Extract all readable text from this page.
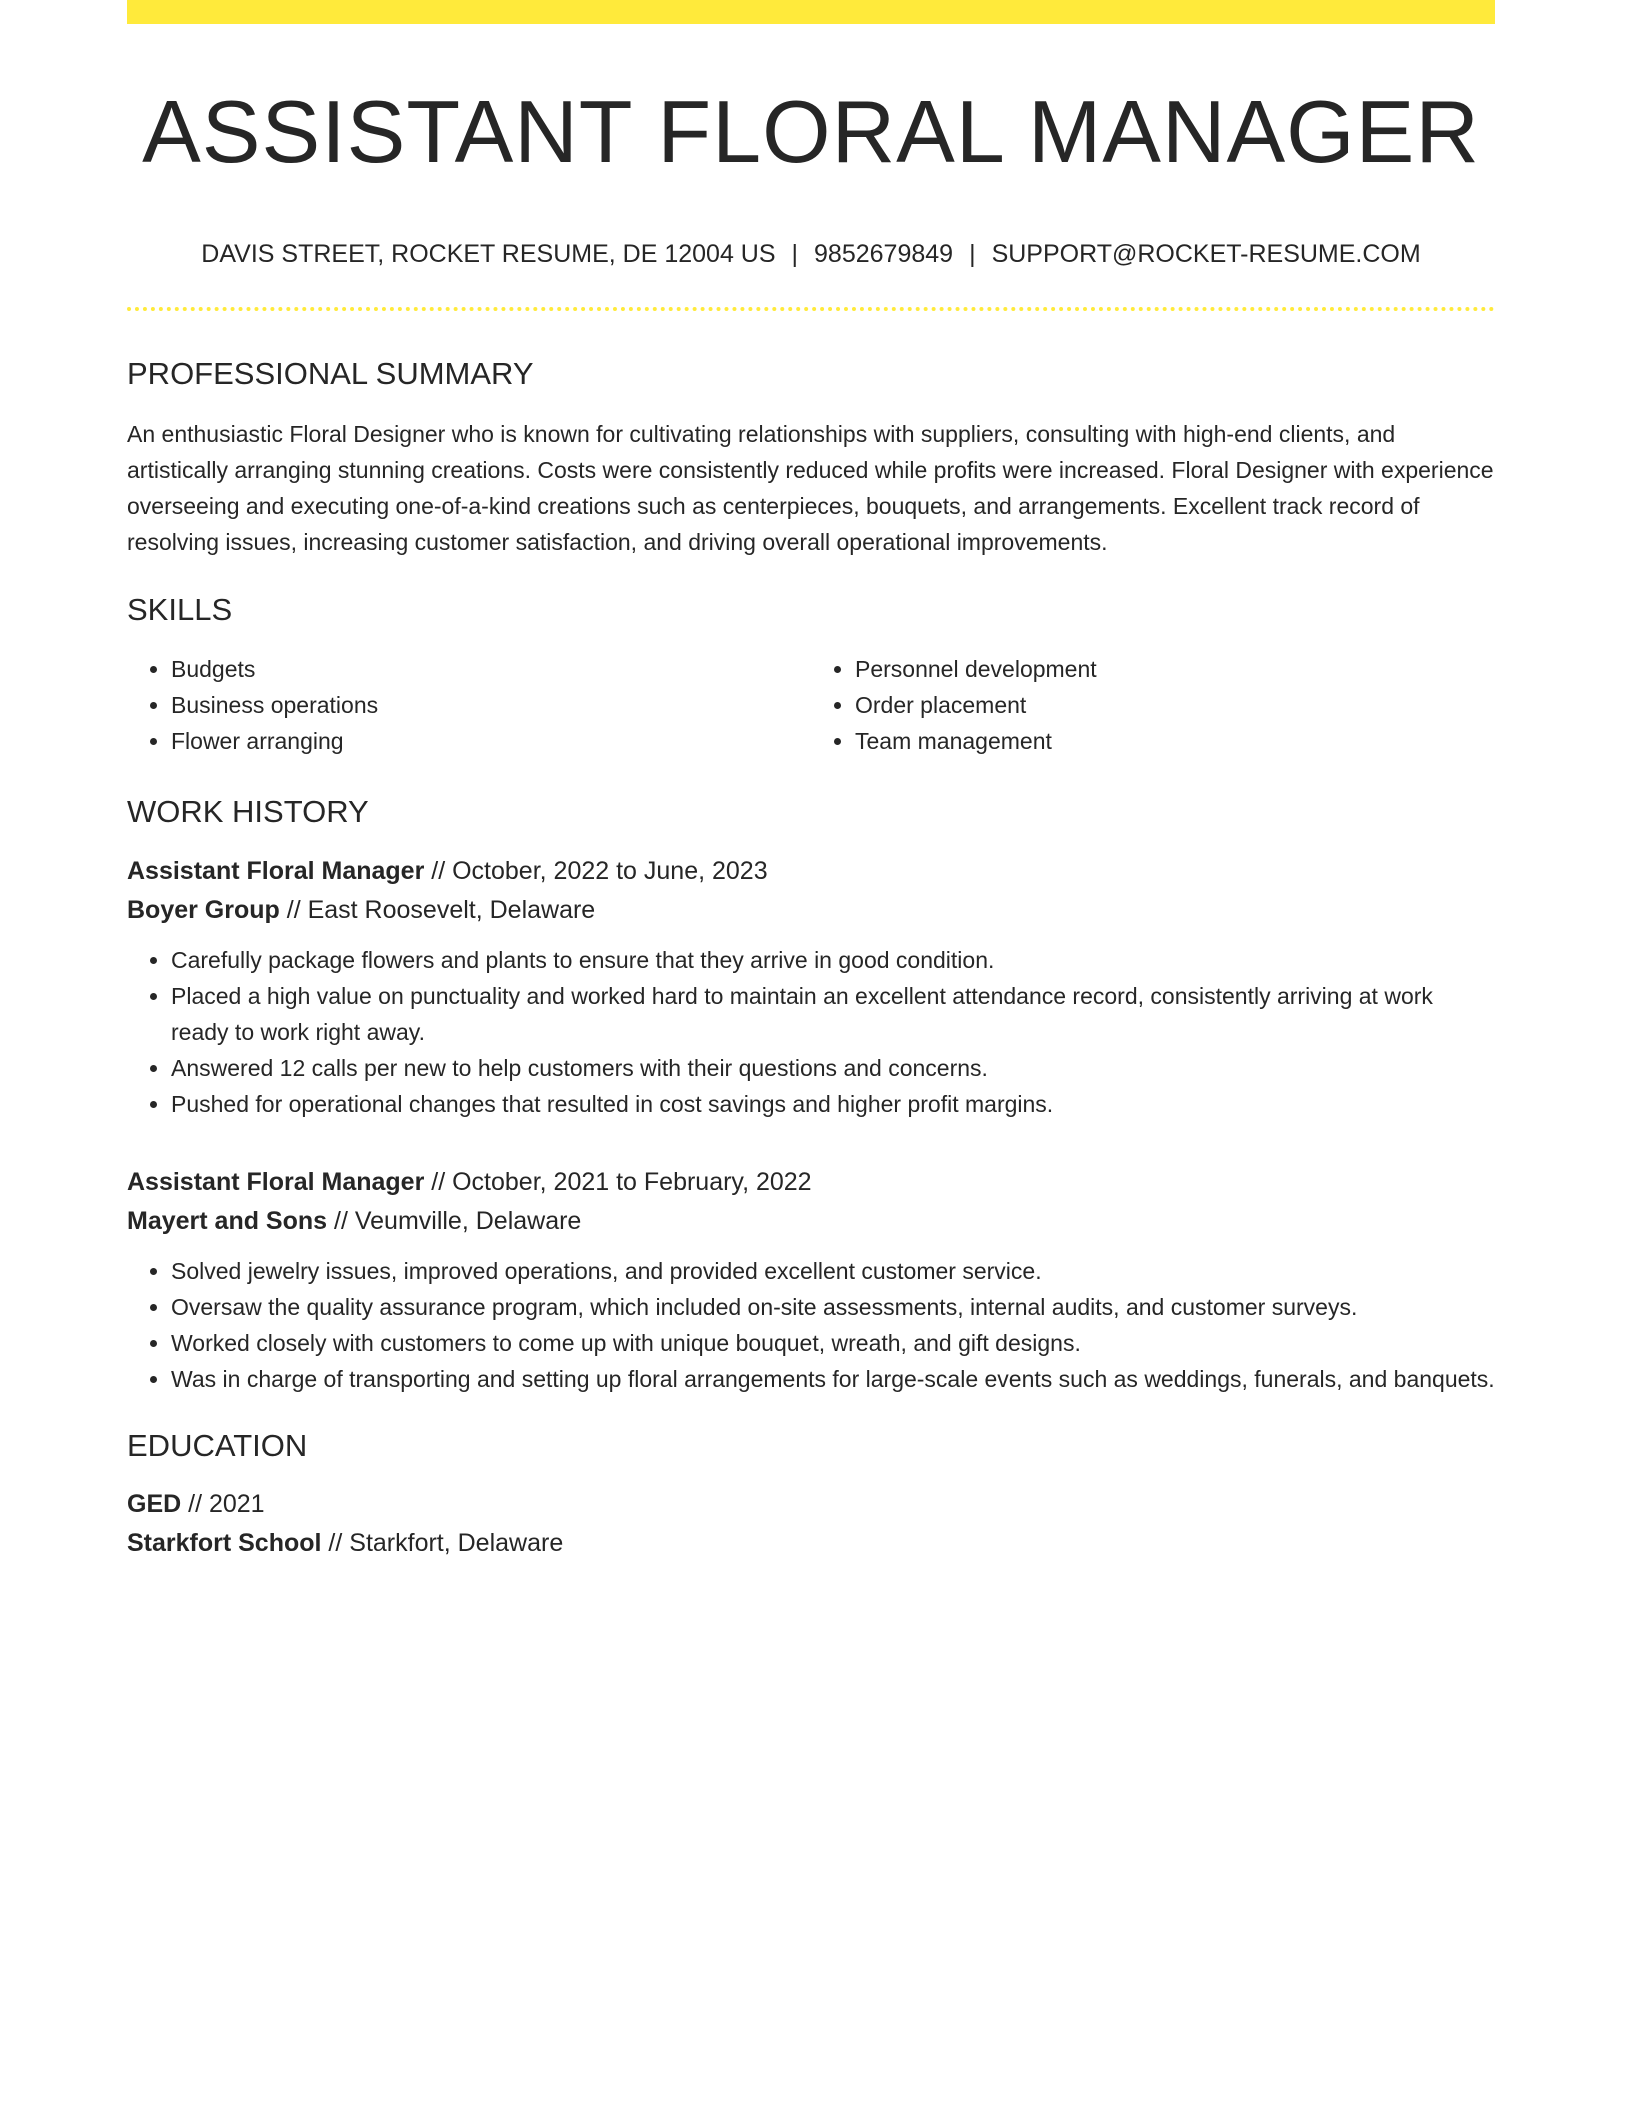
ASSISTANT FLORAL MANAGER
DAVIS STREET, ROCKET RESUME, DE 12004 US | 9852679849 | SUPPORT@ROCKET-RESUME.COM
PROFESSIONAL SUMMARY

An enthusiastic Floral Designer who is known for cultivating relationships with suppliers, consulting with high-end clients, and artistically arranging stunning creations. Costs were consistently reduced while profits were increased. Floral Designer with experience overseeing and executing one-of-a-kind creations such as centerpieces, bouquets, and arrangements. Excellent track record of resolving issues, increasing customer satisfaction, and driving overall operational improvements.

SKILLS
• Budgets
• Business operations
• Flower arranging
• Personnel development
• Order placement
• Team management
WORK HISTORY
Assistant Floral Manager // October, 2022 to June, 2023
Boyer Group // East Roosevelt, Delaware
• Carefully package flowers and plants to ensure that they arrive in good condition.
• Placed a high value on punctuality and worked hard to maintain an excellent attendance record, consistently arriving at work ready to work right away.
• Answered 12 calls per new to help customers with their questions and concerns.
• Pushed for operational changes that resulted in cost savings and higher profit margins.
Assistant Floral Manager // October, 2021 to February, 2022
Mayert and Sons // Veumville, Delaware
• Solved jewelry issues, improved operations, and provided excellent customer service.
• Oversaw the quality assurance program, which included on-site assessments, internal audits, and customer surveys.
• Worked closely with customers to come up with unique bouquet, wreath, and gift designs.
• Was in charge of transporting and setting up floral arrangements for large-scale events such as weddings, funerals, and banquets.
EDUCATION
GED // 2021
Starkfort School // Starkfort, Delaware
